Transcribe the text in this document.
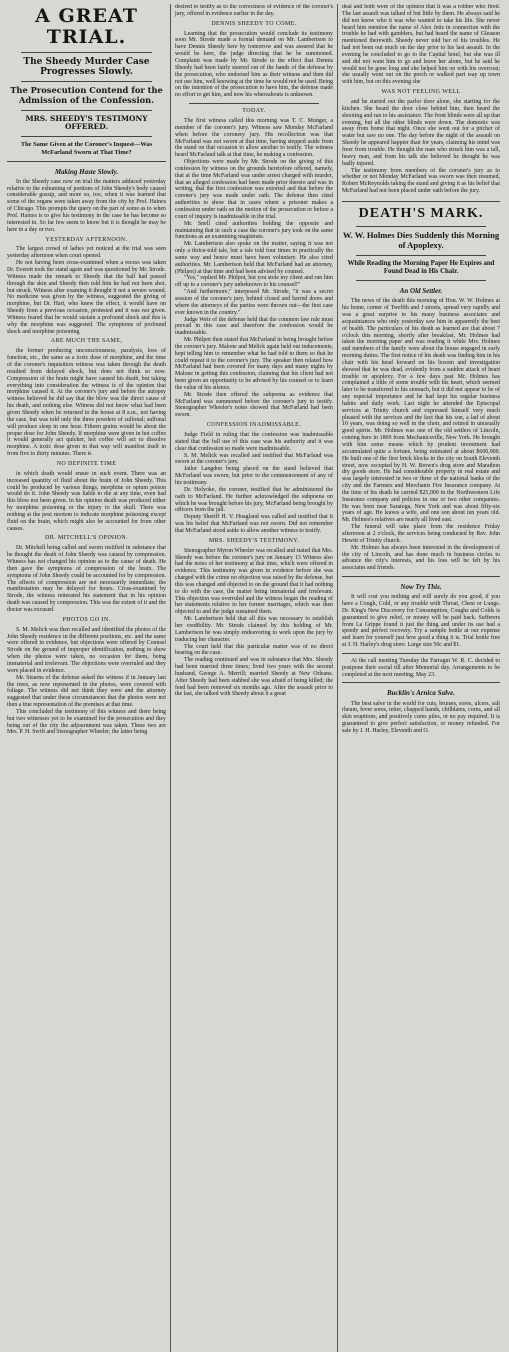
A GREAT TRIAL.
The Sheedy Murder Case Progresses Slowly.
The Prosecution Contend for the Admission of the Confession.
MRS. SHEEDY'S TESTIMONY OFFERED.
The Same Given at the Coroner's Inquest—Was McFarland Sworn at That Time?
Making Haste Slowly.

In the Sheedy case now on trial the matters adduced yesterday relative to the exhuming of portions of John Sheedy's body caused considerable gossip, and more so, too, when it was learned that some of the organs were taken away from the city by Prof. Haines of Chicago. This prompts the query on the part of some as to when Prof. Haines is to give his testimony in the case he has become so interested in. So far few seem to know but it is thought he may be here in a day or two.

YESTERDAY AFTERNOON.

The largest crowd of ladies yet noticed at the trial was seen yesterday afternoon when court opened.

He not having been cross-examined when a recess was taken Dr. Everett took the stand again and was questioned by Mr. Strode. Witness made the remark to Sheedy that the ball had passed through the skin and Sheedy then told him he had not been shot, but struck. Witness after examing it thought it not a severe wound. No medicine was given by the witness, suggested the giving of morphine, but Dr. Hart, who knew the effect, it would have on Sheedy from a previous occasion, protested and it was not given. Witness feared that he would sustain a profound shock and this is why the morphine was suggested. The symptoms of profound shock and morphine poisoning

ARE MUCH THE SAME,

the former producing unconsciousness, paralysis, loss of function, etc., the same as a toxic dose of morphine, and the time of the coroner's inquisition witness was taken through the death resulted from delayed shock, but does not think so now. Compression of the brain might have caused his death, but taking everything into consideration the witness is of the opinion that morphine caused it. At the coroner's jury and before the autopsy witness believed he did say that the blow was the direct cause of his death, and nothing else. Witness did not know what had been given Sheedy when he returned to the house at 8 a.m., not having the case, but was told only the three powders of sulfonal; sulfonal will produce sleep in one hour. Fifteen grains would be about the proper dose for John Sheedy. If morphine were given in hot coffee it would generally act quicker, hot coffee will act to dissolve morphine. A toxic dose given in that way will manifest itself in from five to thirty minutes. There is

NO DEFINITE TIME

in which death would ensue in such event. There was an increased quantity of fluid about the brain of John Sheedy. This could be produced by various things, morphine or opium poison would do it. John Sheedy was liable to die at any time, even had this blow not been given. In his opinion death was produced either by morphine poisoning or the injury to the skull. There was nothing at the post mortem to indicate morphine poisoning except fluid on the brain, which might also be accounted for from other causes.

DR. MITCHELL'S OPINION.

Dr. Mitchell being called and sworn testified in substance that he thought the death of John Sheedy was caused by compression. Witness has not changed his opinion as to the cause of death. He then gave the symptoms of compression of the brain. The symptoms of John Sheedy could be accounted for by compression. The effects of compression are not necessarily immediate; the manifestation may be delayed for hours. Cross-examined by Strode, the witness reiterated his statement that in his opinion death was caused by compression. This was the extent of it and the doctor was excused.

PHOTOS GO IN.

S. M. Melick was then recalled and identified the photos of the John Sheedy residence in the different positions, etc. and the same were offered in evidence, but objections were offered by Counsel Strode on the ground of improper identification, nothing to show when the photos were taken, no occasion for them, being immaterial and irrelevant. The objections were overruled and they were placed in evidence.

Mr. Stearns of the defense asked the witness if in January last the trees, as now represented in the photos, were covered with foliage. The witness did not think they were and the attorney suggested that under these circumstances that the photos were not then a true representation of the premises at that time.

This concluded the testimony of this witness and there being but two witnesses yet to be examined for the prosecution and they being out of the city the adjournment was taken. These two are Mrs. P. H. Swift and Stenographer Wheeler, the latter being

desired to testify as to the correctness of evidence of the coroner's jury, offered in evidence earlier in the day.

DENNIS SHEEDY TO COME.

Learning that the prosecution would conclude its testimony soon Mr. Strode made a formal demand on Mr. Lambertson to have Dennis Sheedy here by tomorrow and was assured that he would be here, the judge directing that he be summoned. Complaint was made by Mr. Strode to the effect that Dennis Sheedy had been fairly steered out of the hands of the defense by the prosecution, who endorsed him as their witness and then did not use him, well knowing at the time he would not be used. Being on the intention of the prosecution to have him, the defense made no effort to get him, and now his whereabouts is unknown.

TODAY.

The first witness called this morning was T. C. Munger, a member of the coroner's jury. Witness saw Monday McFarland when before the coronery jury. His recollection was that McFarland was not sworn at that time, having stepped aside from the stand on that occasion to allow another to testify. The witness heard McFarland talk at that time, he making a confession.

Objections were made by Mr. Strode on the giving of this confession by witness on the grounds heretofore offered, namely, that at the time McFarland was under arrest charged with murder, that an alleged confession had been made prior thereto and was in writing, that the first confession was extorted and that before the coroner's jury was made under oath. The defense then cited authorities to show that in cases where a prisoner makes a confession under oath on the motion of the prosecution or before a court of inquiry is inadmissable in the trial.

Mr. Snell cited authorities holding the opposite and maintaining that in such a case the coroner's jury took on the same functions as an examining magistrate.

Mr. Lambertson also spoke on the matter, saying it was not only a thrice-told tale, but a tale told four times in practically the same way and hence must have been voluntary. He also cited authorities. Mr. Lambertson held that McFarland had an attorney, (Philpot) at that time and had been advised by counsel.

"Yes," replied Mr. Philpot, but you stole my client and run him off up to a coroner's jury unbeknown to his counsel!"

"And furthermore," interposed Mr. Strode, "it was a secret session of the coroner's jury, behind closed and barred doors and where the attorneys of the parties were thrown out—the first case ever known in the country."

Judge Weir of the defense held that the common law rule must prevail in this case and therefore the confession would be inadmissable.

Mr. Philpot then stated that McFarland in being brought before the coroner's jury. Malone and Melick again held out inducements, kept telling him to remember what he had told to them so that he could repeat it to the coroner's jury. The speaker then related how McFarland had been covered for many days and many nights by Malone in getting this confession, claiming that his client had not been given an opportunity to be advised by his counsel or to learn the value of his silence.

Mr. Strode then offered the subpoena as evidence that McFarland was summoned before the coroner's jury to testify. Stenographer Wheeler's notes showed that McFarland had been sworn.

CONFESSION INADMISSABLE.

Judge Field in ruling that the confession was inadmissable stated that the full use of this case was his authority and it was clear that confession so made were inadmissable.

S. M. Melick was recalled and testified that McFarland was sworn at the coroner's jury.

Jailor Langdon being placed on the stand believed that McFarland was sworn, but prior to the commencement of any of his testimony.

Dr. Holyoke, the coroner, testified that he administered the oath to McFarland. He further acknowledged the subpoena on which he was brought before his jury, McFarland being brought by officers from the jail.

Deputy Sheriff H. V. Hoagland was called and testified that it was his belief that McFarland was not sworn. Did not remember that McFarland stood aside to allow another witness to testify.

MRS. SHEEDY'S TESTIMONY.

Stenographer Myron Wheeler was recalled and stated that Mrs. Sheedy was before the coroner's jury on January 13 Witness also had the notes of her testimony at that time, which were offered in evidence. This testimony was given in evidence before she was charged with the crime no objection was raised by the defense, but this was changed and objected to on the ground that it had nothing to do with the case, the matter being immaterial and irrelevant. This objection was overruled and the witness began the reading of her statements relative to her former marriages, which was then objected to and the judge sustained them.

Mr. Lambertson held that all this was necessary to establish her credibility. Mr. Strode claimed by this holding of Mr. Lambertson he was simply endeavoring to work upon the jury by traducing her character.

The court held that this particular matter was of no direct bearing on the case.

The reading continued and was in substance that Mrs. Sheedy had been married three times; lived two years with the second husband, George A. Merrill; married Sheedy at New Orleans. After Sheedy had been stabbed she was afraid of being killed; the feed had been removed six months ago. After the assault prior to the last, she talked with Sheedy about it a great

deal and both were of the opinion that it was a robber who fired. The last assault was talked of but little by them. He always said he did not know who it was who wanted to take his life. She never heard him mention the name of Alex Jetts in connection with the trouble he had with gamblers, but had heard the name of Gleason mentioned therewith. Sheedy never told her of his troubles. He had not been out much on the day prior to his last assault. In the evening he concluded to go to the Capital hotel, but she was ill and did not want him to go and leave her alone, but he said he would not be gone long and she helped him on with his overcoat; she usually went out on the porch or walked part way up town with him, but on this evening she

WAS NOT FEELING WELL

and he started out the parlor door alone, she starting for the kitchen. She heard the door close behind him, then heard the shooting and ran to his assistance. The front blinds were all up that evening, but all the other blinds were down. The domestic was away from home that night. Once she went out for a pitcher of water but saw no one. The day before the night of the assault on Sheedy he appeared happier than for years, claiming his mind was freer from trouble. He thought the man who struck him was a tall, heavy man, and from his talk she believed he thought he was badly injured.

The testimony from members of the coroner's jury as to whether or not Monday McFarland was sworn was then resumed, Robert McReynolds taking the stand and giving it as his belief that McFarland had not been placed under oath before the jury.

DEATH'S MARK.
W. W. Holmes Dies Suddenly this Morning of Apoplexy.
While Reading the Morning Paper He Expires and Found Dead in His Chair.
An Old Settler.

The news of the death this morning of Hon. W. W. Holmes at his home, corner of Twelfth and J streets, spread very rapidly and was a great surprise to his many business associates and acquaintances who only yesterday saw him in apparently the best of health. The particulars of his death as learned are that about 7 o'clock this morning, shortly after breakfast, Mr. Holmes had taken the morning paper and was reading it while Mrs. Holmes and members of the family were about the house engaged in early morning duties. The first notice of his death was finding him in his chair with his head forward on his bosom and investigation showed that he was dead, evidently from a sudden attack of heart trouble or apoplexy. For a few days past Mr. Holmes has complained a little of some trouble with his heart, which seemed later to be transferred to his stomach, but it did not appear to be of any especial importance and he had kept his regular business habits and daily work. Last night he attended the Episcopal services at Trinity church and expressed himself very much pleased with the services and the fact that his son, a lad of about 10 years, was doing so well in the choir, and retired in unusually good spirits. Mr. Holmes was one of the old settlers of Lincoln, coming here in 1869 from Mechanicsville, New York. He brought with him some means which by prudent investment had accumulated quite a fortune, being estimated at about $600,000. He built one of the first brick blocks in the city on South Eleventh street, now occupied by H. W. Brown's drug store and Marathon dry goods store. He had considerable property in real estate and was largely interested in two or three of the national banks of the city and the Farmers and Merchants Fire Insurance company. At the time of his death he carried $25,000 in the Northwestern Life Insurance company and policies in one or two other companies. He was born near Saratoga, New York and was about fifty-six years of age. He leaves a wife, and one son about ten years old. Mr. Holmes's relatives are nearly all lived east.

The funeral will take place from the residence Friday afternoon at 2 o'clock, the services being conducted by Rev. John Hewitt of Trinity church.

Mr. Holmes has always been interested in the development of the city of Lincoln, and has done much in business circles to advance the city's interests, and his loss will be felt by his associates and friends.

Now Try This.

It will cost you nothing and will surely do you good, if you have a Cough, Cold, or any trouble with Throat, Chest or Lungs. Dr. King's New Discovery for Consumption, Coughs and Colds is guaranteed to give relief, or money will be paid back. Sufferers from La Grippe found it just the thing and under its use had a speedy and perfect recovery. Try a sample bottle at our expense and learn for yourself just how good a thing it is. Trial bottle free at J. H. Harley's drug store. Large size 50c and $1.

At the call meeting Tuesday the Farragut W. R. C. decided to postpone their social till after Memorial day. Arrangements to be completed at the next meeting, May 23.

Bucklin's Arnica Salve.

The best salve in the world for cuts, bruises, sores, ulcers, salt rheum, fever sores, tetter, chapped hands, chilblains, corns, and all skin eruptions, and positively cures piles, or no pay required. It is guaranteed to give perfect satisfaction, or money refunded. For sale by J. H. Harley, Eleventh and O.
